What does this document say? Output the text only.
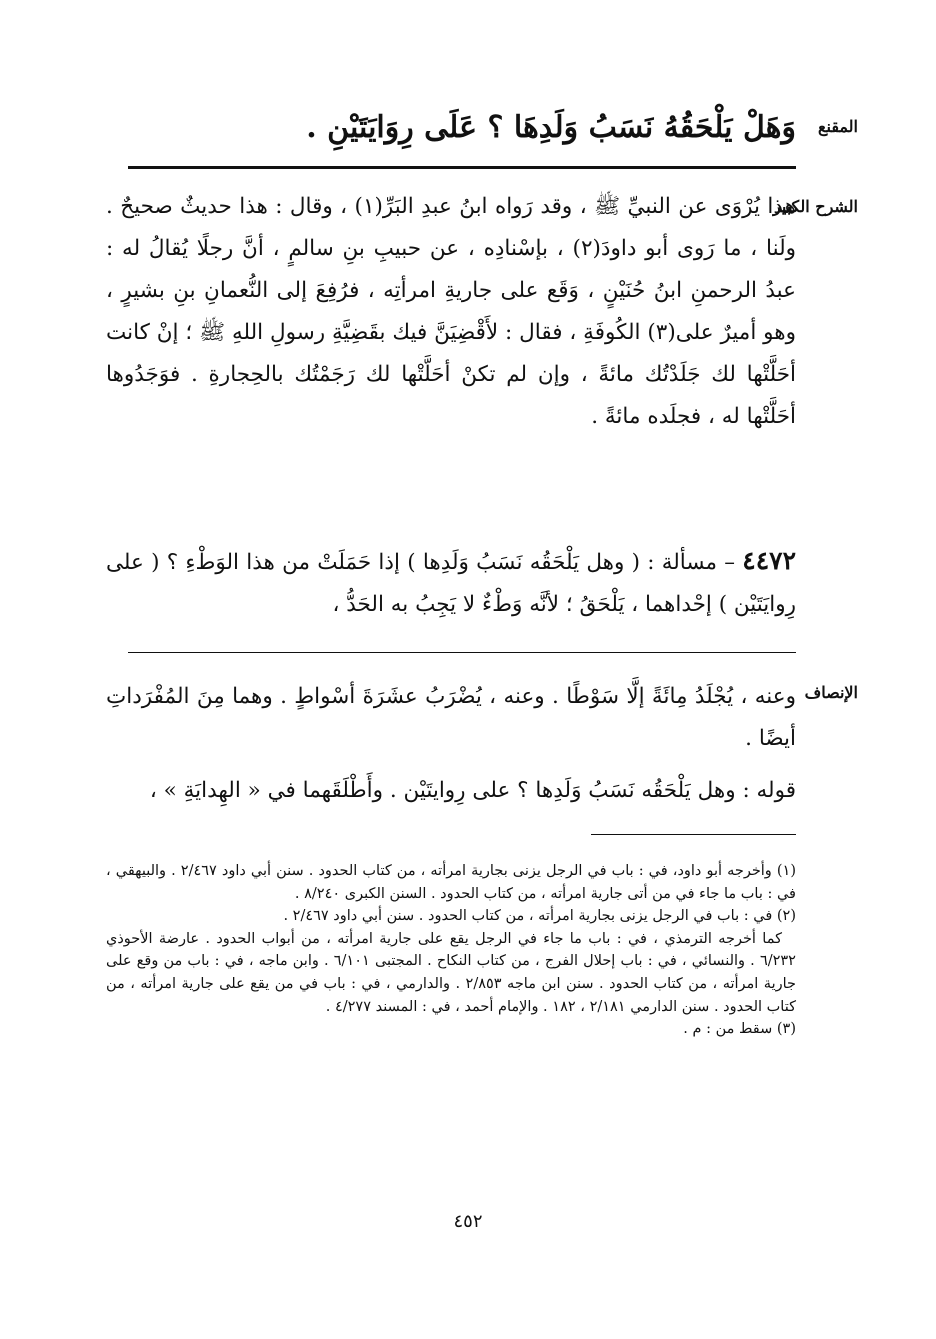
المقنع
وَهَلْ يَلْحَقُهُ نَسَبُ وَلَدِهَا ؟ عَلَى رِوَايَتَيْنِ .
الشرح الكبير

هذا يُرْوَى عن النبيِّ ﷺ ، وقد رَواه ابنُ عبدِ البَرِّ(١) ، وقال : هذا حديثٌ صحيحٌ . ولَنا ، ما رَوى أبو داودَ(٢) ، بإسْنادِه ، عن حبيبِ بنِ سالمٍ ، أنَّ رجلًا يُقالُ له : عبدُ الرحمنِ ابنُ حُنَيْنٍ ، وَقَع على جاريةِ امرأتِه ، فرُفِعَ إلى النُّعمانِ بنِ بشيرٍ ، وهو أميرٌ على(٣) الكُوفَةِ ، فقال : لأَقْضِيَنَّ فيك بقَضِيَّةِ رسولِ اللهِ ﷺ ؛ إنْ كانت أحَلَّتْها لك جَلَدْتُك مائةً ، وإن لم تكنْ أحَلَّتْها لك رَجَمْتُك بالحِجارةِ . فوَجَدُوها أحَلَّتْها له ، فجلَده مائةً .

٤٤٧٢ – مسألة : ( وهل يَلْحَقُه نَسَبُ وَلَدِها ) إذا حَمَلَتْ من هذا الوَطْءِ ؟ ( على رِوايَتَيْن ) إحْداهما ، يَلْحَقُ ؛ لأنَّه وَطْءٌ لا يَجِبُ به الحَدُّ ،

الإنصاف

وعنه ، يُجْلَدُ مِائَةً إلَّا سَوْطًا . وعنه ، يُضْرَبُ عشَرَةَ أسْواطٍ . وهما مِنَ المُفْرَداتِ أيضًا .

قوله : وهل يَلْحَقُه نَسَبُ وَلَدِها ؟ على رِوايتَيْن . وأَطْلَقَهما في « الهِدايَةِ » ،

(١) وأخرجه أبو داود، في : باب في الرجل يزنى بجارية امرأته ، من كتاب الحدود . سنن أبي داود ٢/٤٦٧ . والبيهقي ، في : باب ما جاء في من أتى جارية امرأته ، من كتاب الحدود . السنن الكبرى ٨/٢٤٠ .

(٢) في : باب في الرجل يزنى بجارية امرأته ، من كتاب الحدود . سنن أبي داود ٢/٤٦٧ .

كما أخرجه الترمذي ، في : باب ما جاء في الرجل يقع على جارية امرأته ، من أبواب الحدود . عارضة الأحوذي ٦/٢٣٢ . والنسائي ، في : باب إحلال الفرج ، من كتاب النكاح . المجتبى ٦/١٠١ . وابن ماجه ، في : باب من وقع على جارية امرأته ، من كتاب الحدود . سنن ابن ماجه ٢/٨٥٣ . والدارمي ، في : باب في من يقع على جارية امرأته ، من كتاب الحدود . سنن الدارمي ٢/١٨١ ، ١٨٢ . والإمام أحمد ، في : المسند ٤/٢٧٧ .

(٣) سقط من : م .

٤٥٢
